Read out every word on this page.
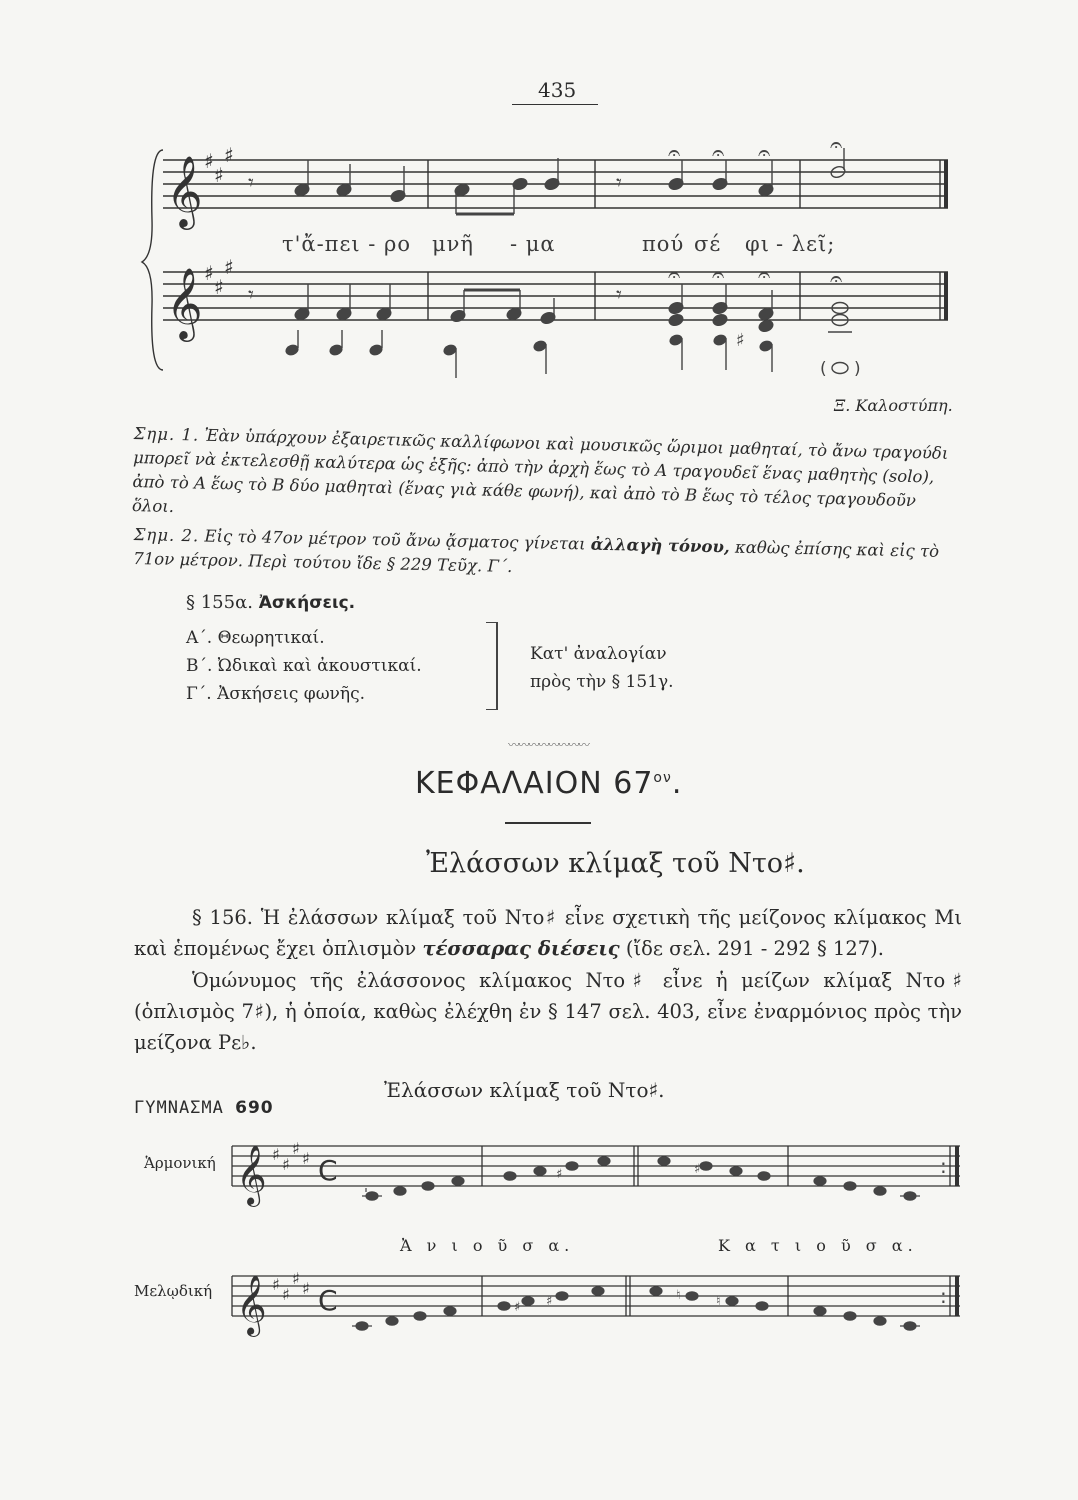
435
𝄞
𝄞
♯
♯
♯
♯
♯
♯
𝄾	𝄾
𝄾	𝄾
♯
( )
𝄐 𝄐 𝄐	𝄐
𝄐 𝄐 𝄐	𝄐
τ'ἄ-πει - ρο μνῆ - μα	πού σέ φι - λεῖ;
Ξ. Καλοστύπη.
Σημ. 1. Ἐὰν ὑπάρχουν ἐξαιρετικῶς καλλίφωνοι καὶ μουσικῶς ὥριμοι μαθηταί, τὸ ἄνω τραγούδι μπορεῖ νὰ ἐκτελεσθῇ καλύτερα ὡς ἑξῆς: ἀπὸ τὴν ἀρχὴ ἕως τὸ Α τραγουδεῖ ἕνας μαθητὴς (solo), ἀπὸ τὸ Α ἕως τὸ Β δύο μαθηταὶ (ἕνας γιὰ κάθε φωνή), καὶ ἀπὸ τὸ Β ἕως τὸ τέλος τραγουδοῦν ὅλοι.
Σημ. 2. Εἰς τὸ 47ον μέτρον τοῦ ἄνω ᾄσματος γίνεται ἀλλαγὴ τόνου, καθὼς ἐπίσης καὶ εἰς τὸ 71ον μέτρον. Περὶ τούτου ἴδε § 229 Τεῦχ. Γ΄.
§ 155α. Ἀσκήσεις.
Α΄. Θεωρητικαί.
Β΄. Ὠδικαὶ καὶ ἀκουστικαί.
Γ΄. Ἀσκήσεις φωνῆς.
Κατ' ἀναλογίαν
πρὸς τὴν § 151γ.
〰〰〰〰〰〰〰〰
ΚΕΦΑΛΑΙΟΝ $67^{o\nu}$.
Ἐλάσσων κλίμαξ τοῦ Ντο♯.
§ 156. Ἡ ἐλάσσων κλίμαξ τοῦ Ντο♯ εἶνε σχετικὴ τῆς μείζονος κλίμακος Μι καὶ ἑπομένως ἔχει ὁπλισμὸν τέσσαρας διέσεις (ἴδε σελ. 291 - 292 § 127).
Ὁμώνυμος τῆς ἐλάσσονος κλίμακος Ντο♯ εἶνε ἡ μείζων κλίμαξ Ντο♯ (ὁπλισμὸς 7♯), ἡ ὁποία, καθὼς ἐλέχθη ἐν § 147 σελ. 403, εἶνε ἐναρμόνιος πρὸς τὴν μείζονα Ρε♭.
Ἐλάσσων κλίμαξ τοῦ Ντο♯.
ΓΥΜΝΑΣΜΑ 690
Ἁρμονική
Μελῳδική
Ἀ ν ι ο ῦ σ α.	Κ α τ ι ο ῦ σ α.
𝄞
𝄞
♯
♯
♯
♯
♯
♯
♯
♯
C
C
♯	♯
♯ ♯	♮	♮
:
:
